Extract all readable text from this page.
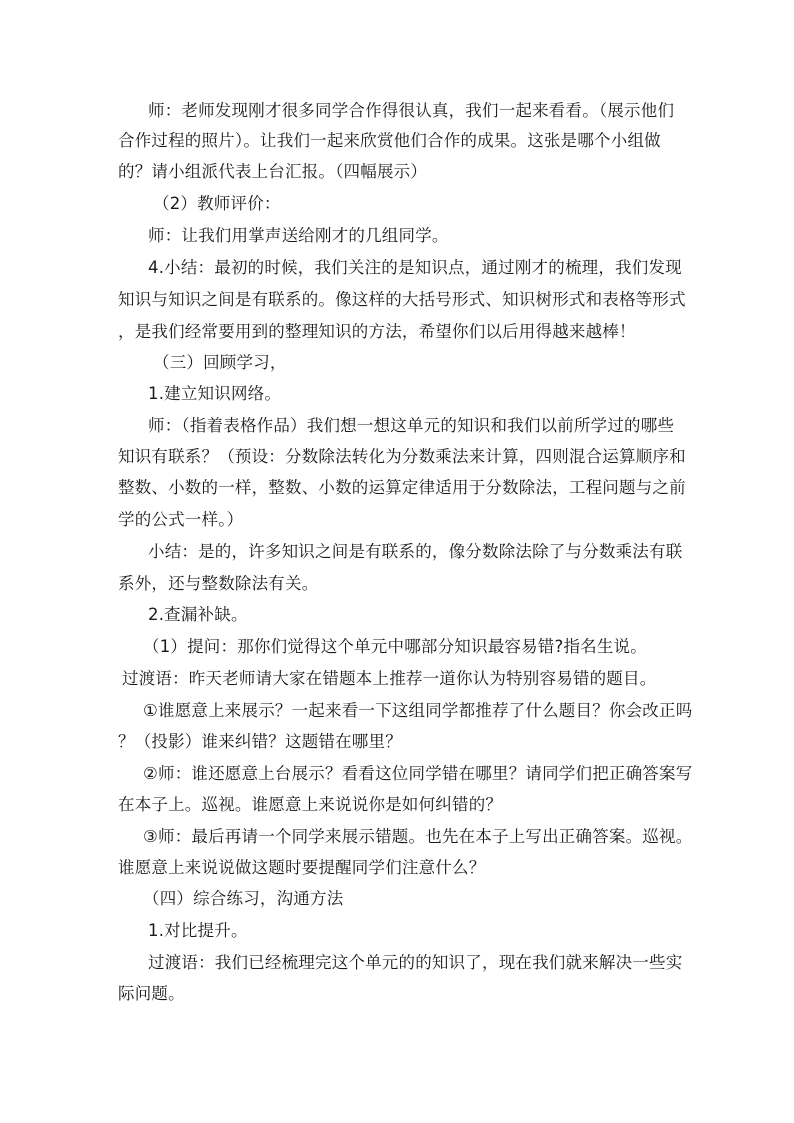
师：老师发现刚才很多同学合作得很认真，我们一起来看看。（展示他们
合作过程的照片）。让我们一起来欣赏他们合作的成果。这张是哪个小组做
的？请小组派代表上台汇报。（四幅展示）
（2）教师评价：
师：让我们用掌声送给刚才的几组同学。
4.小结：最初的时候，我们关注的是知识点，通过刚才的梳理，我们发现
知识与知识之间是有联系的。像这样的大括号形式、知识树形式和表格等形式
，是我们经常要用到的整理知识的方法，希望你们以后用得越来越棒！
（三）回顾学习，
1.建立知识网络。
师：（指着表格作品）我们想一想这单元的知识和我们以前所学过的哪些
知识有联系？（预设：分数除法转化为分数乘法来计算，四则混合运算顺序和
整数、小数的一样，整数、小数的运算定律适用于分数除法，工程问题与之前
学的公式一样。）
小结：是的，许多知识之间是有联系的，像分数除法除了与分数乘法有联
系外，还与整数除法有关。
2.查漏补缺。
（1）提问：那你们觉得这个单元中哪部分知识最容易错?指名生说。
过渡语：昨天老师请大家在错题本上推荐一道你认为特别容易错的题目。
①谁愿意上来展示？一起来看一下这组同学都推荐了什么题目？你会改正吗
？（投影）谁来纠错？这题错在哪里？
②师：谁还愿意上台展示？看看这位同学错在哪里？请同学们把正确答案写
在本子上。巡视。谁愿意上来说说你是如何纠错的？
③师：最后再请一个同学来展示错题。也先在本子上写出正确答案。巡视。
谁愿意上来说说做这题时要提醒同学们注意什么？
（四）综合练习，沟通方法
1.对比提升。
过渡语：我们已经梳理完这个单元的的知识了，现在我们就来解决一些实
际问题。
